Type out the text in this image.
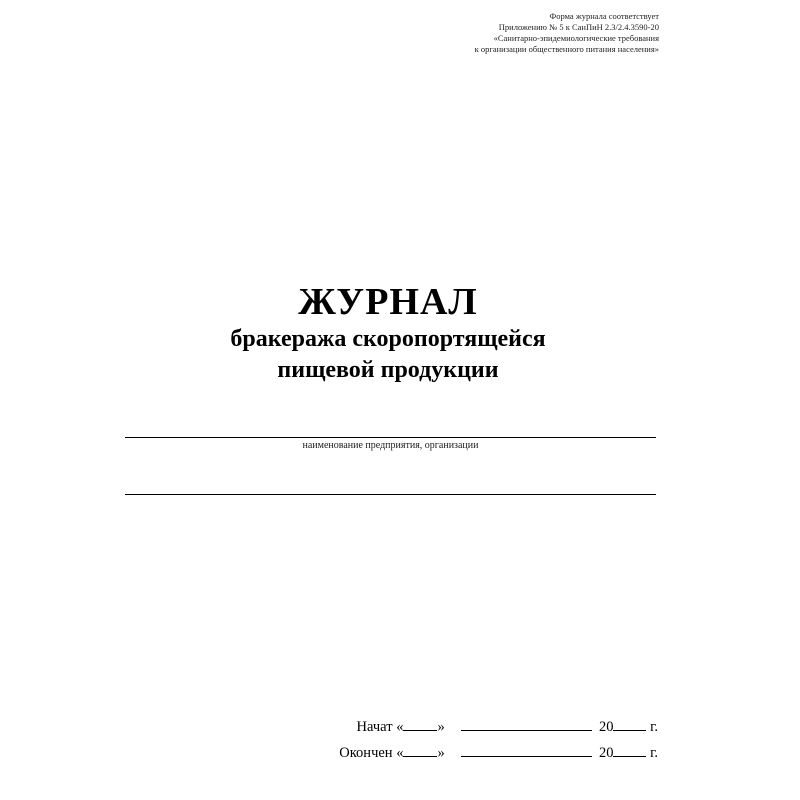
Форма журнала соответствует
Приложению № 5 к СанПиН 2.3/2.4.3590-20
«Санитарно-эпидемиологические требования
к организации общественного питания населения»
ЖУРНАЛ
бракеража скоропортящейся
пищевой продукции
наименование предприятия, организации
Начат
« »
	20
	г.
Окончен
« »
	20
	г.
